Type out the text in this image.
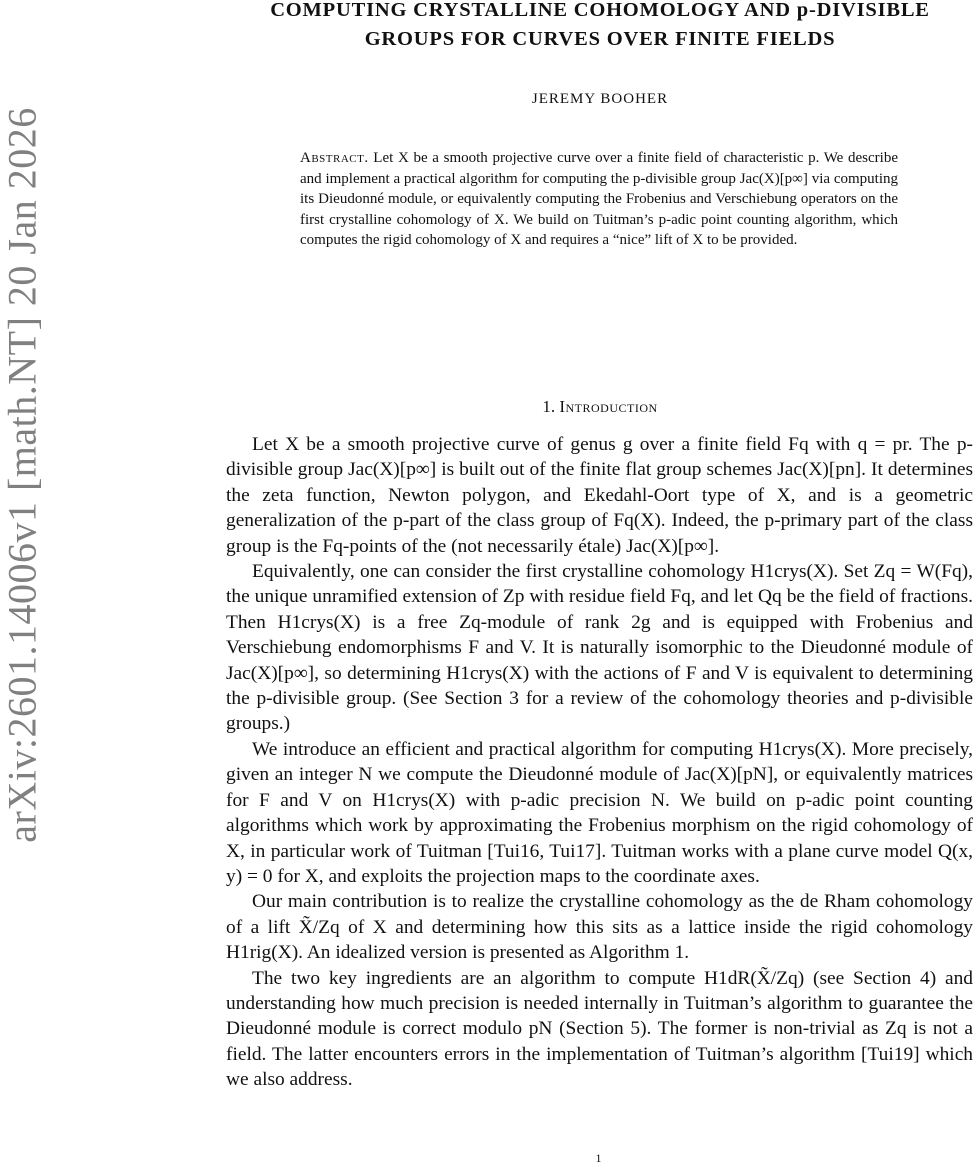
arXiv:2601.14006v1 [math.NT] 20 Jan 2026
COMPUTING CRYSTALLINE COHOMOLOGY AND p-DIVISIBLE
GROUPS FOR CURVES OVER FINITE FIELDS
JEREMY BOOHER
Abstract. Let X be a smooth projective curve over a finite field of characteristic p. We describe and implement a practical algorithm for computing the p-divisible group Jac(X)[p∞] via computing its Dieudonné module, or equivalently computing the Frobenius and Verschiebung operators on the first crystalline cohomology of X. We build on Tuitman’s p-adic point counting algorithm, which computes the rigid cohomology of X and requires a “nice” lift of X to be provided.
1. Introduction

Let X be a smooth projective curve of genus g over a finite field Fq with q = pr. The p-divisible group Jac(X)[p∞] is built out of the finite flat group schemes Jac(X)[pn]. It determines the zeta function, Newton polygon, and Ekedahl-Oort type of X, and is a geometric generalization of the p-part of the class group of Fq(X). Indeed, the p-primary part of the class group is the Fq-points of the (not necessarily étale) Jac(X)[p∞].

Equivalently, one can consider the first crystalline cohomology H1crys(X). Set Zq = W(Fq), the unique unramified extension of Zp with residue field Fq, and let Qq be the field of fractions. Then H1crys(X) is a free Zq-module of rank 2g and is equipped with Frobenius and Verschiebung endomorphisms F and V. It is naturally isomorphic to the Dieudonné module of Jac(X)[p∞], so determining H1crys(X) with the actions of F and V is equivalent to determining the p-divisible group. (See Section 3 for a review of the cohomology theories and p-divisible groups.)

We introduce an efficient and practical algorithm for computing H1crys(X). More precisely, given an integer N we compute the Dieudonné module of Jac(X)[pN], or equivalently matrices for F and V on H1crys(X) with p-adic precision N. We build on p-adic point counting algorithms which work by approximating the Frobenius morphism on the rigid cohomology of X, in particular work of Tuitman [Tui16, Tui17]. Tuitman works with a plane curve model Q(x, y) = 0 for X, and exploits the projection maps to the coordinate axes.

Our main contribution is to realize the crystalline cohomology as the de Rham cohomology of a lift X̃/Zq of X and determining how this sits as a lattice inside the rigid cohomology H1rig(X). An idealized version is presented as Algorithm 1.

The two key ingredients are an algorithm to compute H1dR(X̃/Zq) (see Section 4) and understanding how much precision is needed internally in Tuitman’s algorithm to guarantee the Dieudonné module is correct modulo pN (Section 5). The former is non-trivial as Zq is not a field. The latter encounters errors in the implementation of Tuitman’s algorithm [Tui19] which we also address.

1
